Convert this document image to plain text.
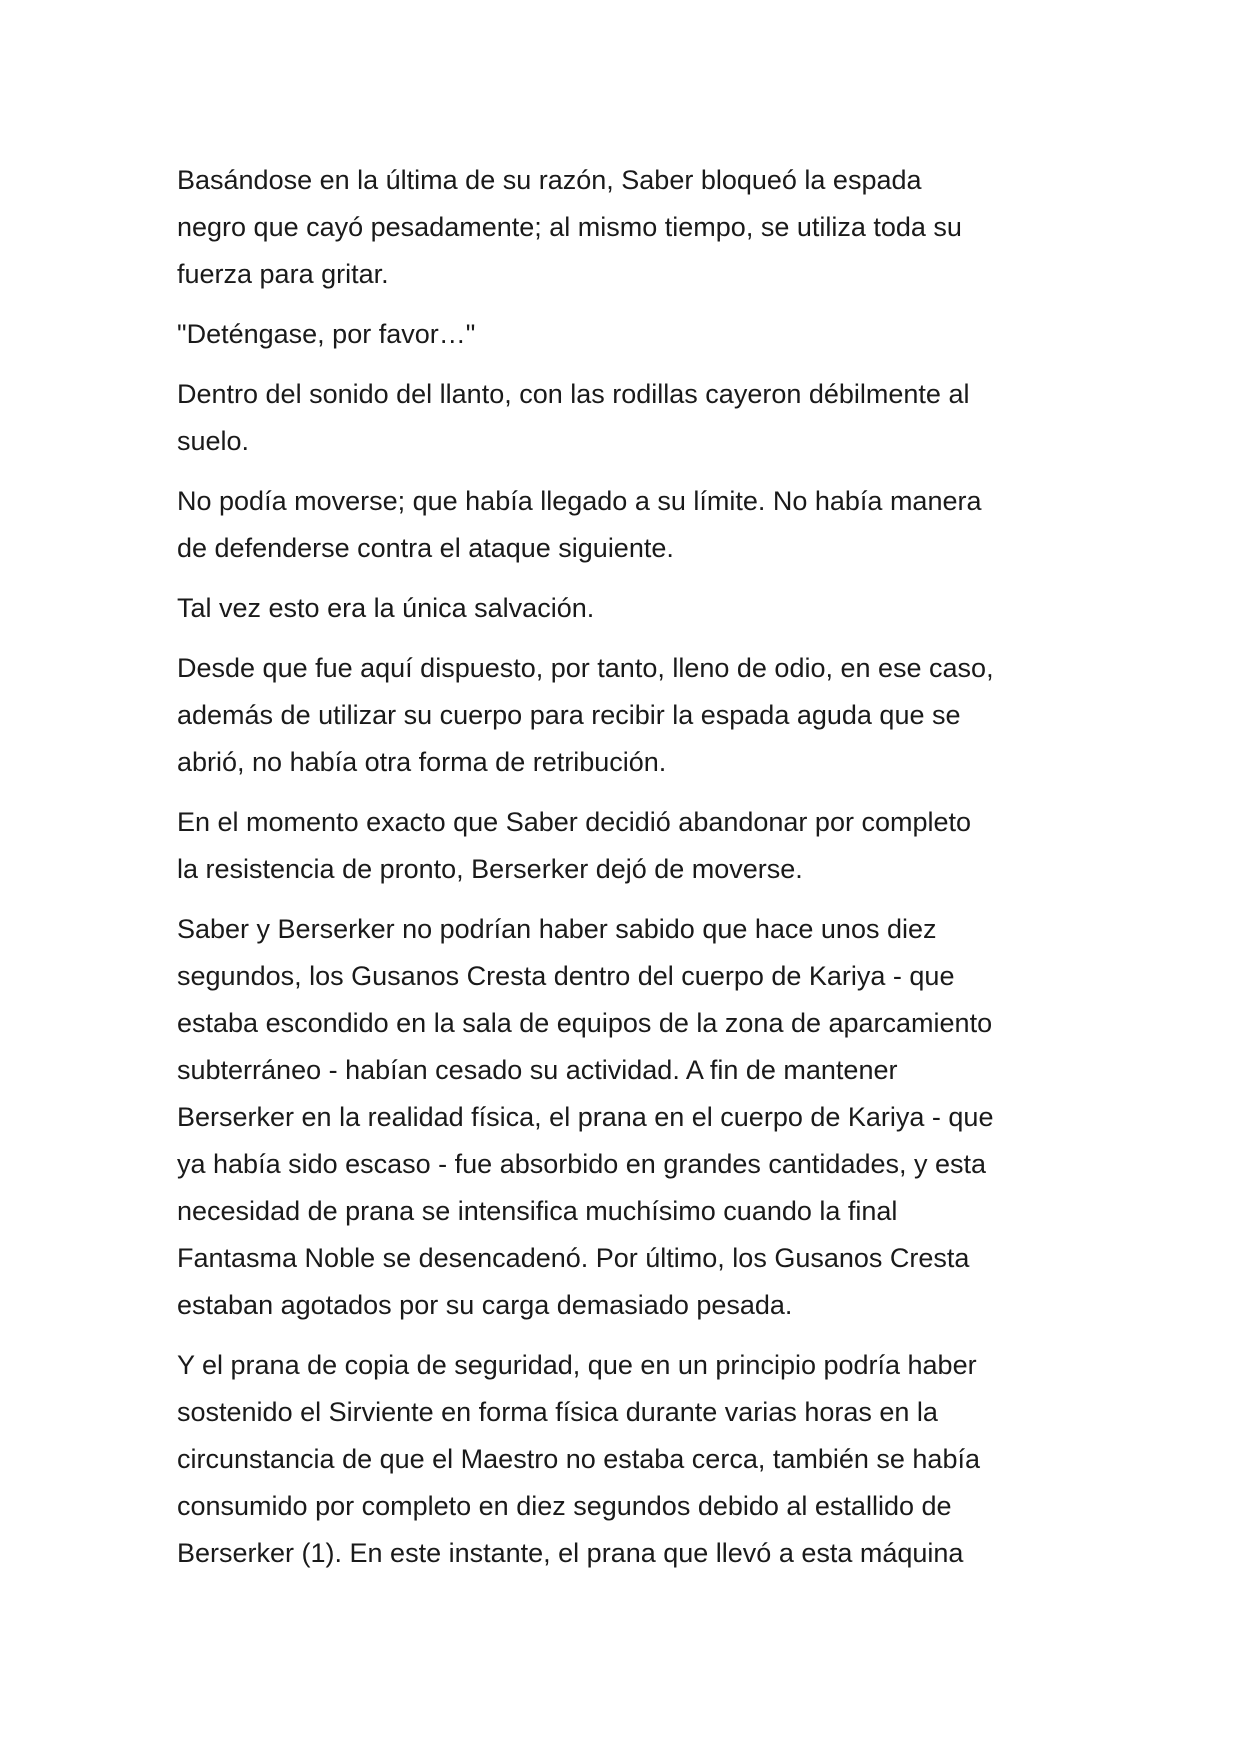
Basándose en la última de su razón, Saber bloqueó la espada
negro que cayó pesadamente; al mismo tiempo, se utiliza toda su
fuerza para gritar.

"Deténgase, por favor…"

Dentro del sonido del llanto, con las rodillas cayeron débilmente al
suelo.

No podía moverse; que había llegado a su límite. No había manera
de defenderse contra el ataque siguiente.

Tal vez esto era la única salvación.

Desde que fue aquí dispuesto, por tanto, lleno de odio, en ese caso,
además de utilizar su cuerpo para recibir la espada aguda que se
abrió, no había otra forma de retribución.

En el momento exacto que Saber decidió abandonar por completo
la resistencia de pronto, Berserker dejó de moverse.

Saber y Berserker no podrían haber sabido que hace unos diez
segundos, los Gusanos Cresta dentro del cuerpo de Kariya - que
estaba escondido en la sala de equipos de la zona de aparcamiento
subterráneo - habían cesado su actividad. A fin de mantener
Berserker en la realidad física, el prana en el cuerpo de Kariya - que
ya había sido escaso - fue absorbido en grandes cantidades, y esta
necesidad de prana se intensifica muchísimo cuando la final
Fantasma Noble se desencadenó. Por último, los Gusanos Cresta
estaban agotados por su carga demasiado pesada.

Y el prana de copia de seguridad, que en un principio podría haber
sostenido el Sirviente en forma física durante varias horas en la
circunstancia de que el Maestro no estaba cerca, también se había
consumido por completo en diez segundos debido al estallido de
Berserker (1). En este instante, el prana que llevó a esta máquina
